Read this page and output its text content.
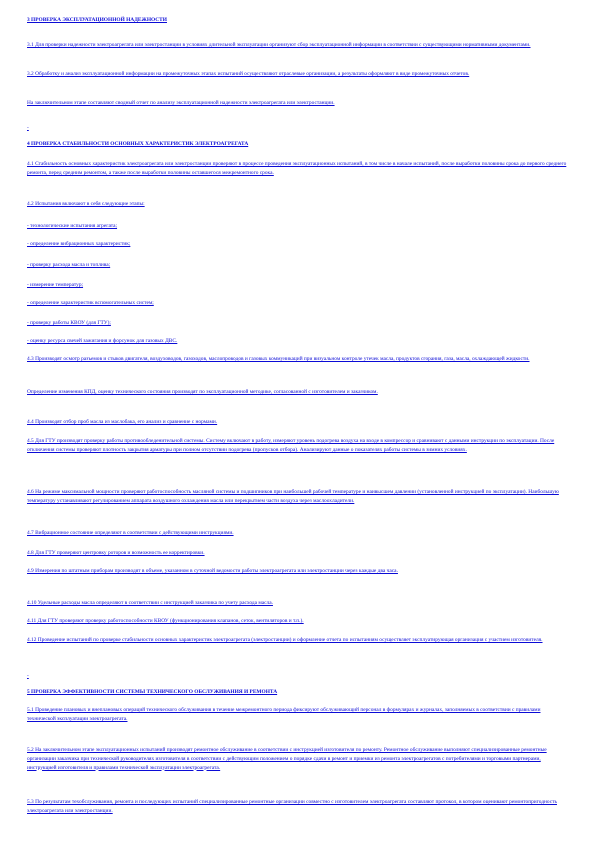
3 ПРОВЕРКА ЭКСПЛУАТАЦИОННОЙ НАДЕЖНОСТИ

3.1 Для проверки надежности электроагрегата или электростанции в условиях длительной эксплуатации организуют сбор эксплуатационной информации в соответствии с существующими нормативными документами.

3.2 Обработку и анализ эксплуатационной информации на промежуточных этапах испытаний осуществляют отраслевые организации, а результаты оформляют в виде промежуточных отчетов.

На заключительном этапе составляют сводный отчет по анализу эксплуатационной надежности электроагрегата или электростанции.

-

4 ПРОВЕРКА СТАБИЛЬНОСТИ ОСНОВНЫХ ХАРАКТЕРИСТИК ЭЛЕКТРОАГРЕГАТА

4.1 Стабильность основных характеристик электроагрегата или электростанции проверяют в процессе проведения эксплуатационных испытаний, в том числе в начале испытаний, после выработки половины срока до первого среднего ремонта, перед средним ремонтом, а также после выработки половины оставшегося межремонтного срока.

4.2 Испытания включают в себя следующие этапы:

- технологические испытания агрегата;

- определение вибрационных характеристик;

- проверку расхода масла и топлива;

- измерение температур;

- определение характеристик вспомогательных систем;

- проверку работы КВОУ (для ГТУ);

- оценку ресурса свечей зажигания и форсунок для газовых ДВС.

4.3 Производят осмотр разъемов и стыков двигателя, воздуховодов, газоходов, маслопроводов и газовых коммуникаций при визуальном контроле утечек масла, продуктов сгорания, газа, масла, охлаждающей жидкости.

Определение изменения КПД, оценку технического состояния производят по эксплуатационной методике, согласованной с изготовителем и заказчиком.

4.4 Производят отбор проб масла из маслобака, его анализ и сравнение с нормами.

4.5 Для ГТУ производят проверку работы противообледенительной системы. Систему включают в работу, измеряют уровень подогрева воздуха на входе в компрессор и сравнивают с данными инструкции по эксплуатации. После отключения системы проверяют плотность закрытия арматуры при полном отсутствии подогрева (пропусков отбора). Анализируют данные о показателях работы системы в зимних условиях.

4.6 На режиме максимальной мощности проверяют работоспособность масляной системы и подшипников при наибольшей рабочей температуре и наивысшем давлении (установленной инструкцией по эксплуатации). Наибольшую температуру устанавливают регулированием аппарата воздушного охлаждения масла или перекрытием части воздуха через маслоохладители.

4.7 Вибрационное состояние определяют в соответствии с действующими инструкциями.

4.8 Для ГТУ проверяют центровку роторов и возможность ее корректировки.

4.9 Измерения по штатным приборам производят в объеме, указанном в суточной ведомости работы электроагрегата или электростанции через каждые два часа.

4.10 Удельные расходы масла определяют в соответствии с инструкцией заказчика по учету расхода масла.

4.11 Для ГТУ проверяют проверку работоспособности КВОУ (функционирования клапанов, сеток, вентиляторов и т.п.).

4.12 Проведение испытаний по проверке стабильности основных характеристик электроагрегата (электростанции) и оформление отчета по испытаниям осуществляет эксплуатирующая организация с участием изготовителя.

-

5 ПРОВЕРКА ЭФФЕКТИВНОСТИ СИСТЕМЫ ТЕХНИЧЕСКОГО ОБСЛУЖИВАНИЯ И РЕМОНТА

5.1 Проведение плановых и внеплановых операций технического обслуживания в течение межремонтного периода фиксируют обслуживающий персонал в формулярах и журналах, заполняемых в соответствии с правилами технической эксплуатации электроагрегата.

5.2 На заключительном этапе эксплуатационных испытаний производят ремонтное обслуживание в соответствии с инструкцией изготовителя по ремонту. Ремонтное обслуживание выполняют специализированные ремонтные организации заказчика при технической руководителях изготовителя в соответствии с действующим положением о порядке сдачи в ремонт и приемки из ремонта электроагрегатов с потребителями и торговыми партнерами, инструкцией изготовителя и правилами технической эксплуатации электроагрегата.

5.3 По результатам техобслуживания, ремонта и последующих испытаний специализированные ремонтные организации совместно с изготовителем электроагрегата составляют протокол, в котором оценивают ремонтопригодность электроагрегата или электростанции.
